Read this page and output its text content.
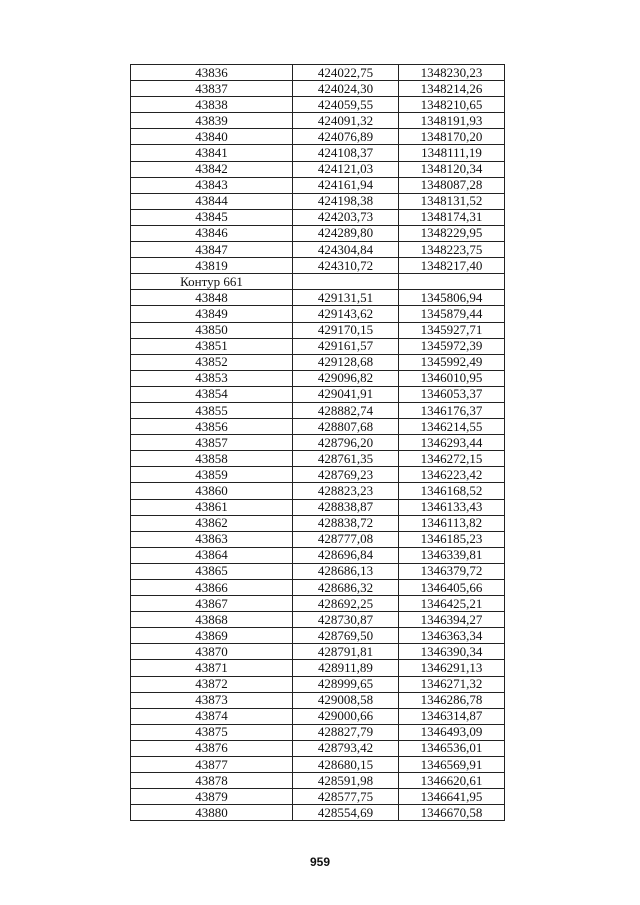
43836	424022,75	1348230,23
43837	424024,30	1348214,26
43838	424059,55	1348210,65
43839	424091,32	1348191,93
43840	424076,89	1348170,20
43841	424108,37	1348111,19
43842	424121,03	1348120,34
43843	424161,94	1348087,28
43844	424198,38	1348131,52
43845	424203,73	1348174,31
43846	424289,80	1348229,95
43847	424304,84	1348223,75
43819	424310,72	1348217,40
Контур 661		
43848	429131,51	1345806,94
43849	429143,62	1345879,44
43850	429170,15	1345927,71
43851	429161,57	1345972,39
43852	429128,68	1345992,49
43853	429096,82	1346010,95
43854	429041,91	1346053,37
43855	428882,74	1346176,37
43856	428807,68	1346214,55
43857	428796,20	1346293,44
43858	428761,35	1346272,15
43859	428769,23	1346223,42
43860	428823,23	1346168,52
43861	428838,87	1346133,43
43862	428838,72	1346113,82
43863	428777,08	1346185,23
43864	428696,84	1346339,81
43865	428686,13	1346379,72
43866	428686,32	1346405,66
43867	428692,25	1346425,21
43868	428730,87	1346394,27
43869	428769,50	1346363,34
43870	428791,81	1346390,34
43871	428911,89	1346291,13
43872	428999,65	1346271,32
43873	429008,58	1346286,78
43874	429000,66	1346314,87
43875	428827,79	1346493,09
43876	428793,42	1346536,01
43877	428680,15	1346569,91
43878	428591,98	1346620,61
43879	428577,75	1346641,95
43880	428554,69	1346670,58
959
